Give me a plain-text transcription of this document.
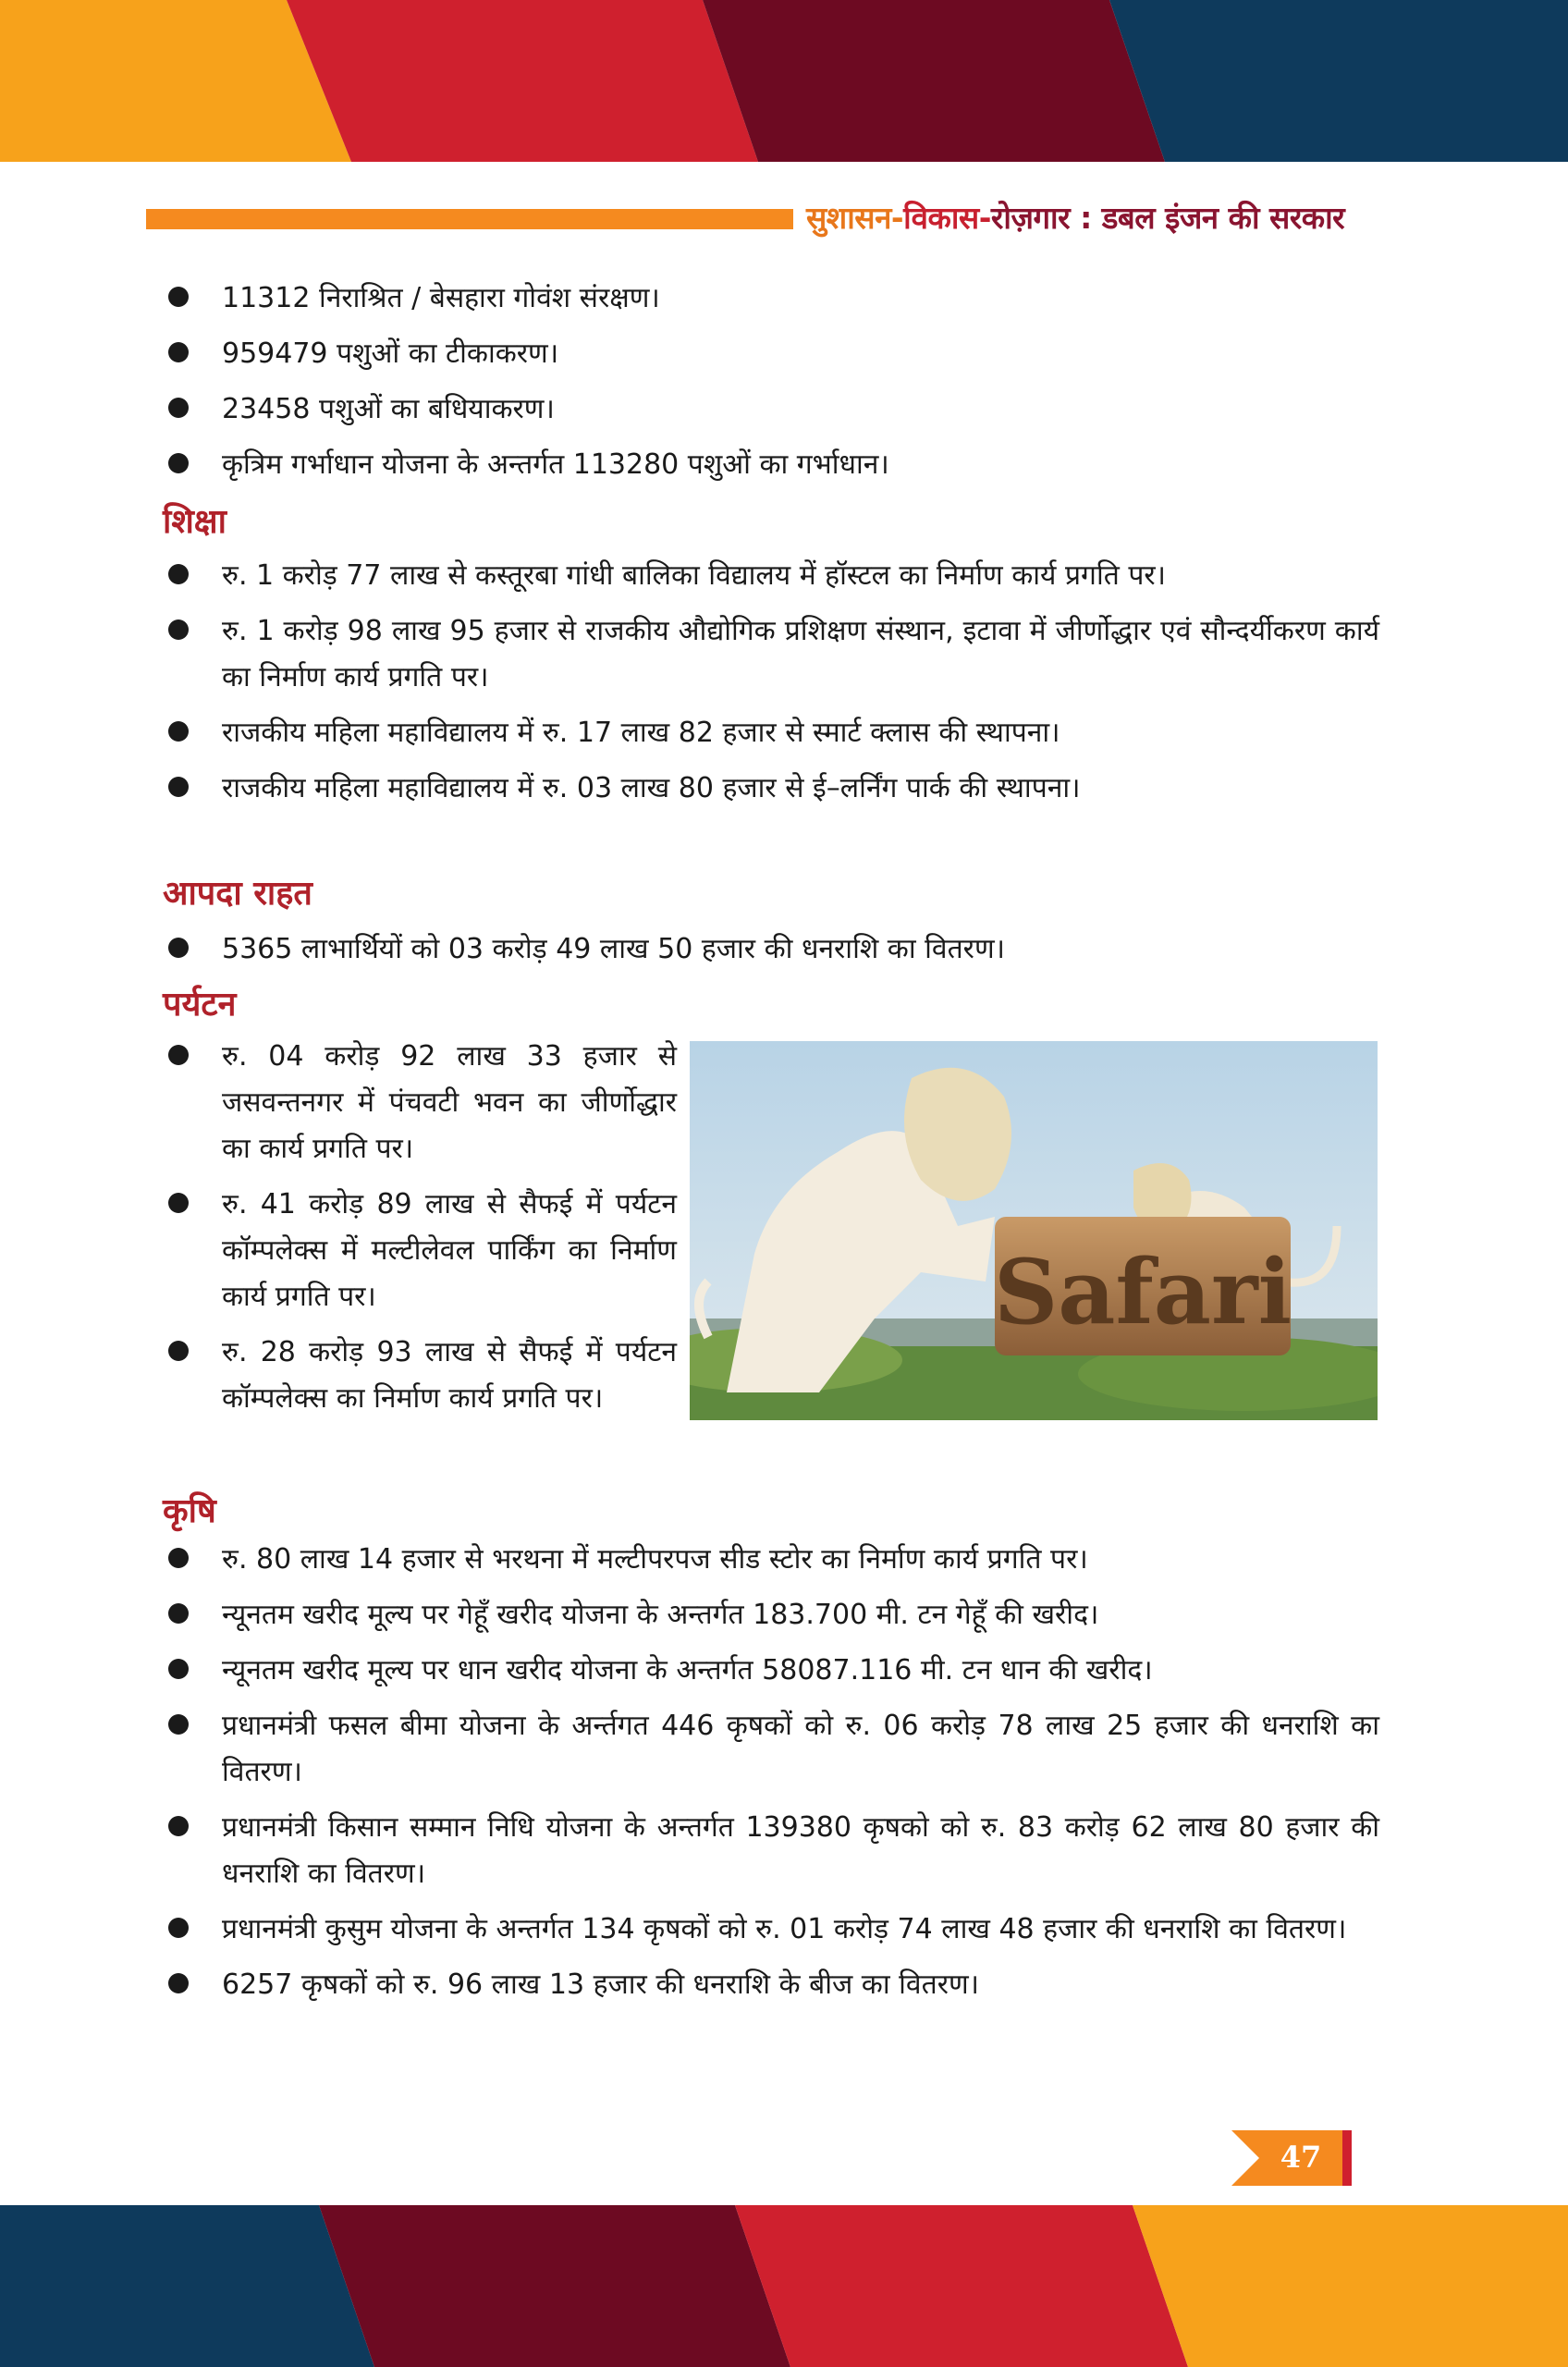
सुशासन-विकास-रोज़गार : डबल इंजन की सरकार
11312 निराश्रित / बेसहारा गोवंश संरक्षण।
959479 पशुओं का टीकाकरण।
23458 पशुओं का बधियाकरण।
कृत्रिम गर्भाधान योजना के अन्तर्गत 113280 पशुओं का गर्भाधान।
शिक्षा
रु. 1 करोड़ 77 लाख से कस्तूरबा गांधी बालिका विद्यालय में हॉस्टल का निर्माण कार्य प्रगति पर।
रु. 1 करोड़ 98 लाख 95 हजार से राजकीय औद्योगिक प्रशिक्षण संस्थान, इटावा में जीर्णोद्धार एवं सौन्दर्यीकरण कार्य का निर्माण कार्य प्रगति पर।
राजकीय महिला महाविद्यालय में रु. 17 लाख 82 हजार से स्मार्ट क्लास की स्थापना।
राजकीय महिला महाविद्यालय में रु. 03 लाख 80 हजार से ई–लर्निंग पार्क की स्थापना।
आपदा राहत
5365 लाभार्थियों को 03 करोड़ 49 लाख 50 हजार की धनराशि का वितरण।
पर्यटन
रु. 04 करोड़ 92 लाख 33 हजार से जसवन्तनगर में पंचवटी भवन का जीर्णोद्धार का कार्य प्रगति पर।
रु. 41 करोड़ 89 लाख से सैफई में पर्यटन कॉम्पलेक्स में मल्टीलेवल पार्किंग का निर्माण कार्य प्रगति पर।
रु. 28 करोड़ 93 लाख से सैफई में पर्यटन कॉम्पलेक्स का निर्माण कार्य प्रगति पर।
Safari
कृषि
रु. 80 लाख 14 हजार से भरथना में मल्टीपरपज सीड स्टोर का निर्माण कार्य प्रगति पर।
न्यूनतम खरीद मूल्य पर गेहूँ खरीद योजना के अन्तर्गत 183.700 मी. टन गेहूँ की खरीद।
न्यूनतम खरीद मूल्य पर धान खरीद योजना के अन्तर्गत 58087.116 मी. टन धान की खरीद।
प्रधानमंत्री फसल बीमा योजना के अर्न्तगत 446 कृषकों को रु. 06 करोड़ 78 लाख 25 हजार की धनराशि का वितरण।
प्रधानमंत्री किसान सम्मान निधि योजना के अन्तर्गत 139380 कृषको को रु. 83 करोड़ 62 लाख 80 हजार की धनराशि का वितरण।
प्रधानमंत्री कुसुम योजना के अन्तर्गत 134 कृषकों को रु. 01 करोड़ 74 लाख 48 हजार की धनराशि का वितरण।
6257 कृषकों को रु. 96 लाख 13 हजार की धनराशि के बीज का वितरण।
47
